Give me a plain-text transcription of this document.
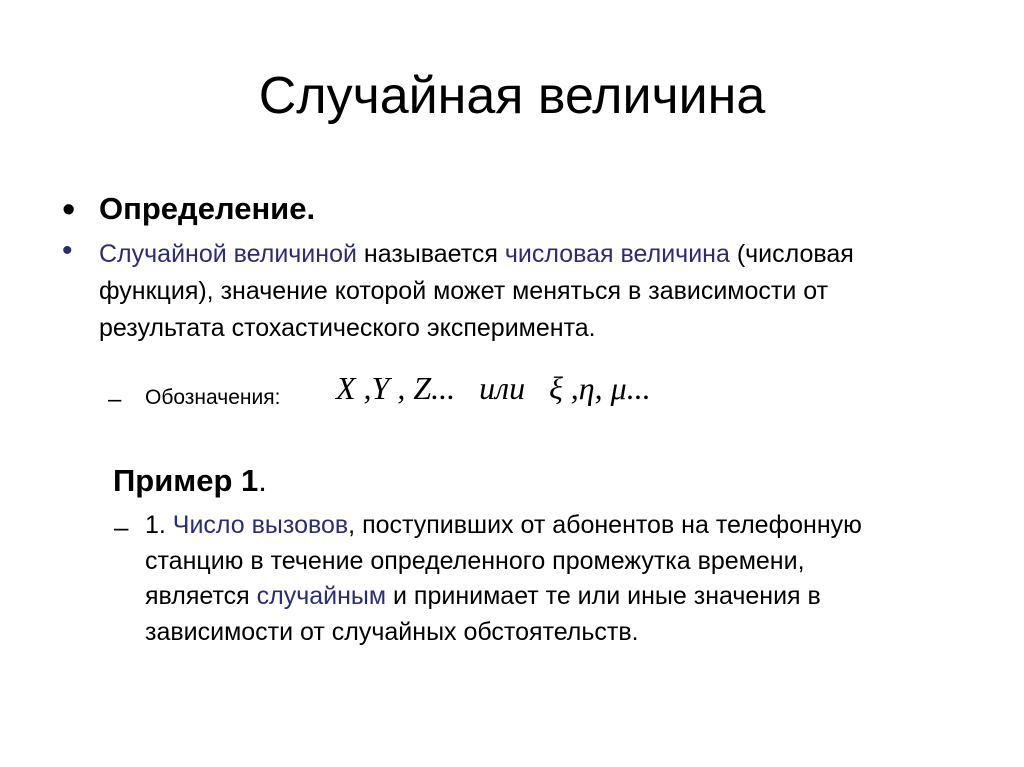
Случайная величина
• Определение.
• Случайной величиной называется числовая величина (числовая функция), значение которой может меняться в зависимости от результата стохастического эксперимента.
– Обозначения: X ,Y , Z...   или   ξ ,η, μ...
Пример 1.
– 1. Число вызовов, поступивших от абонентов на телефонную станцию в течение определенного промежутка времени, является случайным и принимает те или иные значения в зависимости от случайных обстоятельств.
